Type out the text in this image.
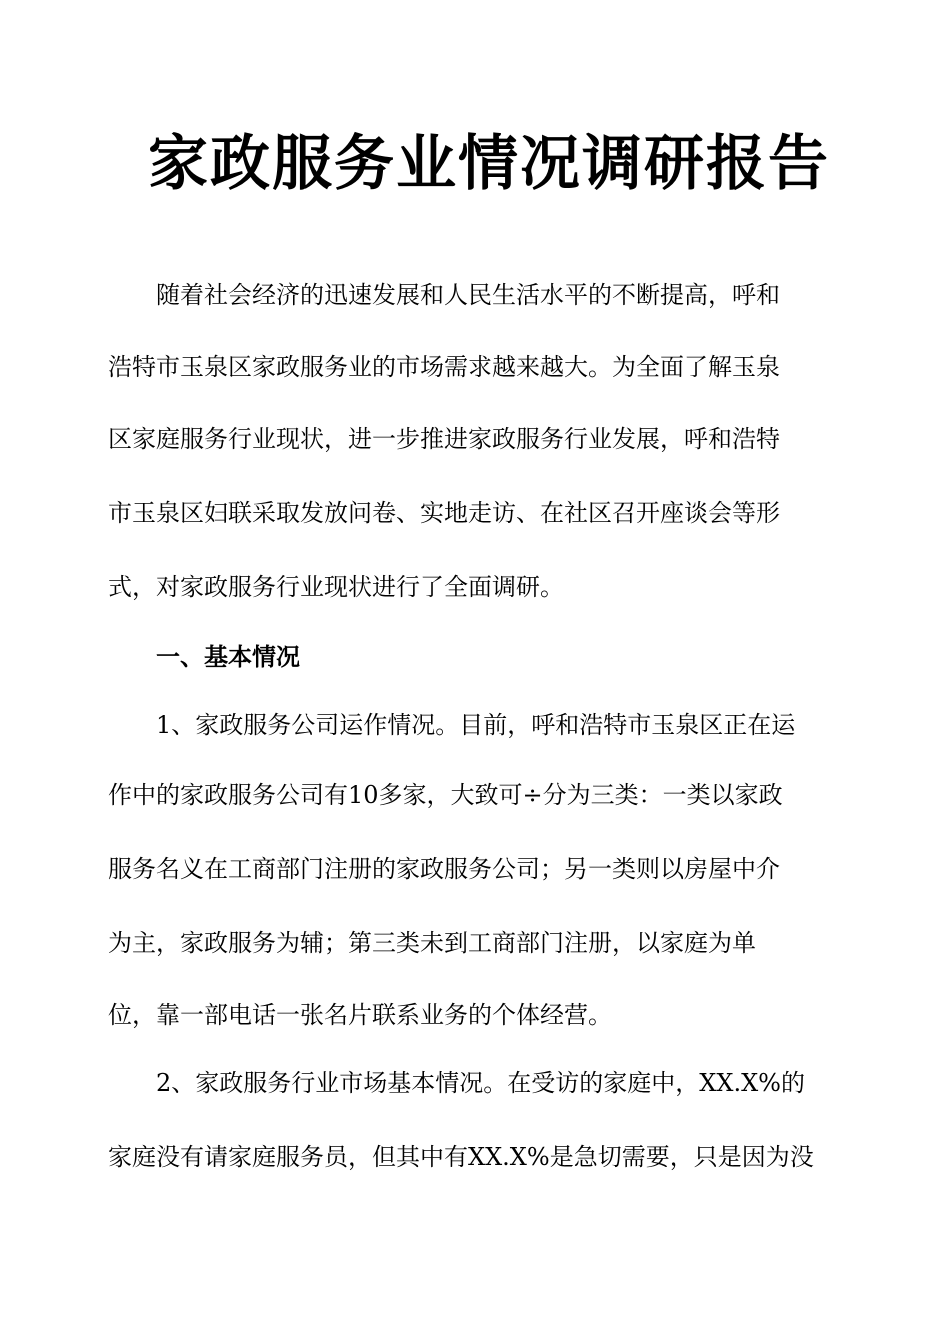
家政服务业情况调研报告

随着社会经济的迅速发展和人民生活水平的不断提高，呼和

浩特市玉泉区家政服务业的市场需求越来越大。为全面了解玉泉

区家庭服务行业现状，进一步推进家政服务行业发展，呼和浩特

市玉泉区妇联采取发放问卷、实地走访、在社区召开座谈会等形

式，对家政服务行业现状进行了全面调研。

一、基本情况

1、家政服务公司运作情况。目前，呼和浩特市玉泉区正在运

作中的家政服务公司有10多家，大致可÷分为三类：一类以家政

服务名义在工商部门注册的家政服务公司；另一类则以房屋中介

为主，家政服务为辅；第三类未到工商部门注册，以家庭为单

位，靠一部电话一张名片联系业务的个体经营。

2、家政服务行业市场基本情况。在受访的家庭中，XX.X%的

家庭没有请家庭服务员，但其中有XX.X%是急切需要，只是因为没
